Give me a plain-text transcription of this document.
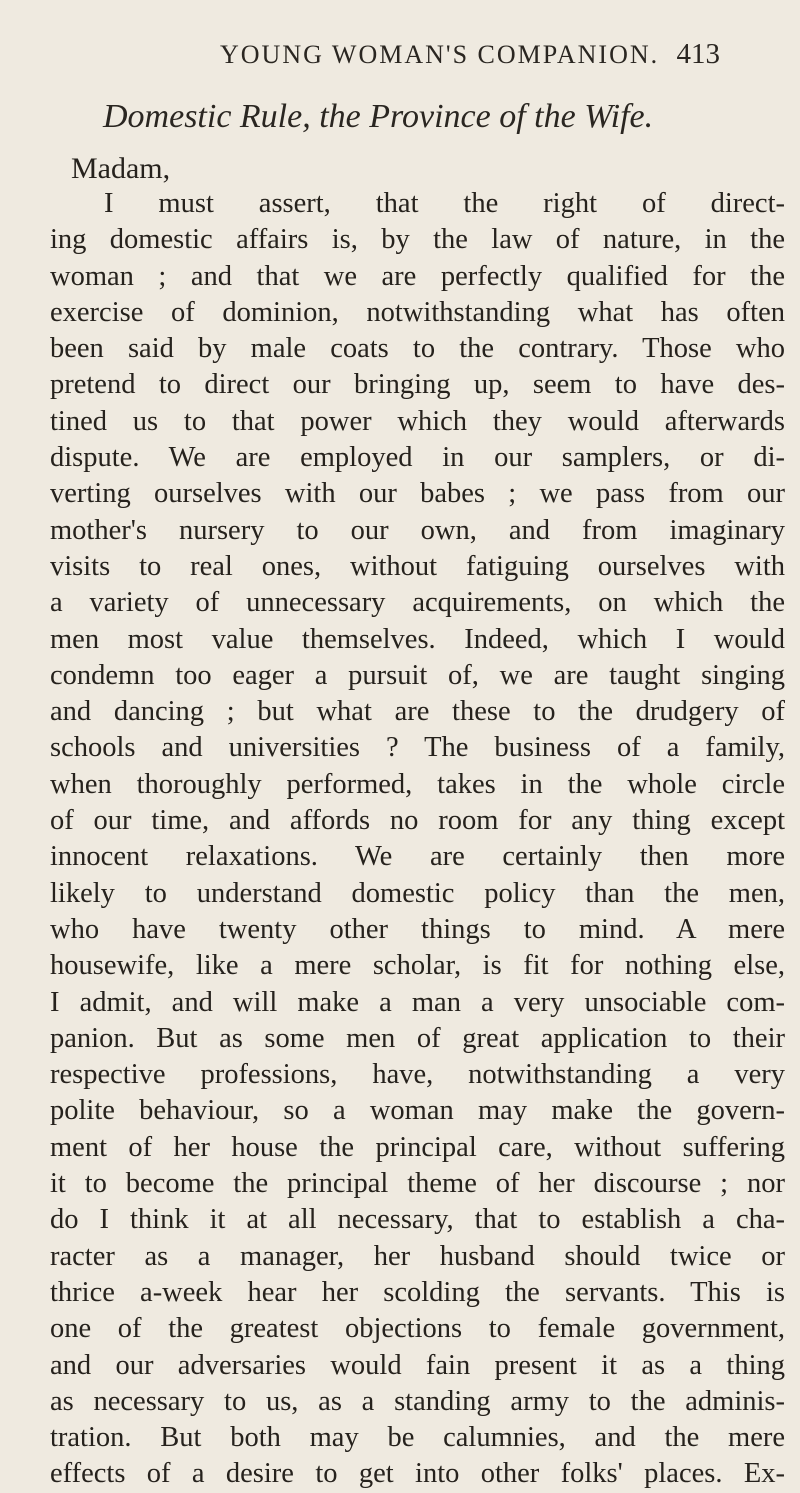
YOUNG WOMAN'S COMPANION. 413
Domestic Rule, the Province of the Wife.
Madam,
I must assert, that the right of direct-
ing domestic affairs is, by the law of nature, in the
woman ; and that we are perfectly qualified for the
exercise of dominion, notwithstanding what has often
been said by male coats to the contrary. Those who
pretend to direct our bringing up, seem to have des-
tined us to that power which they would afterwards
dispute. We are employed in our samplers, or di-
verting ourselves with our babes ; we pass from our
mother's nursery to our own, and from imaginary
visits to real ones, without fatiguing ourselves with
a variety of unnecessary acquirements, on which the
men most value themselves. Indeed, which I would
condemn too eager a pursuit of, we are taught singing
and dancing ; but what are these to the drudgery of
schools and universities ? The business of a family,
when thoroughly performed, takes in the whole circle
of our time, and affords no room for any thing except
innocent relaxations. We are certainly then more
likely to understand domestic policy than the men,
who have twenty other things to mind. A mere
housewife, like a mere scholar, is fit for nothing else,
I admit, and will make a man a very unsociable com-
panion. But as some men of great application to their
respective professions, have, notwithstanding a very
polite behaviour, so a woman may make the govern-
ment of her house the principal care, without suffering
it to become the principal theme of her discourse ; nor
do I think it at all necessary, that to establish a cha-
racter as a manager, her husband should twice or
thrice a-week hear her scolding the servants. This is
one of the greatest objections to female government,
and our adversaries would fain present it as a thing
as necessary to us, as a standing army to the adminis-
tration. But both may be calumnies, and the mere
effects of a desire to get into other folks' places. Ex-
